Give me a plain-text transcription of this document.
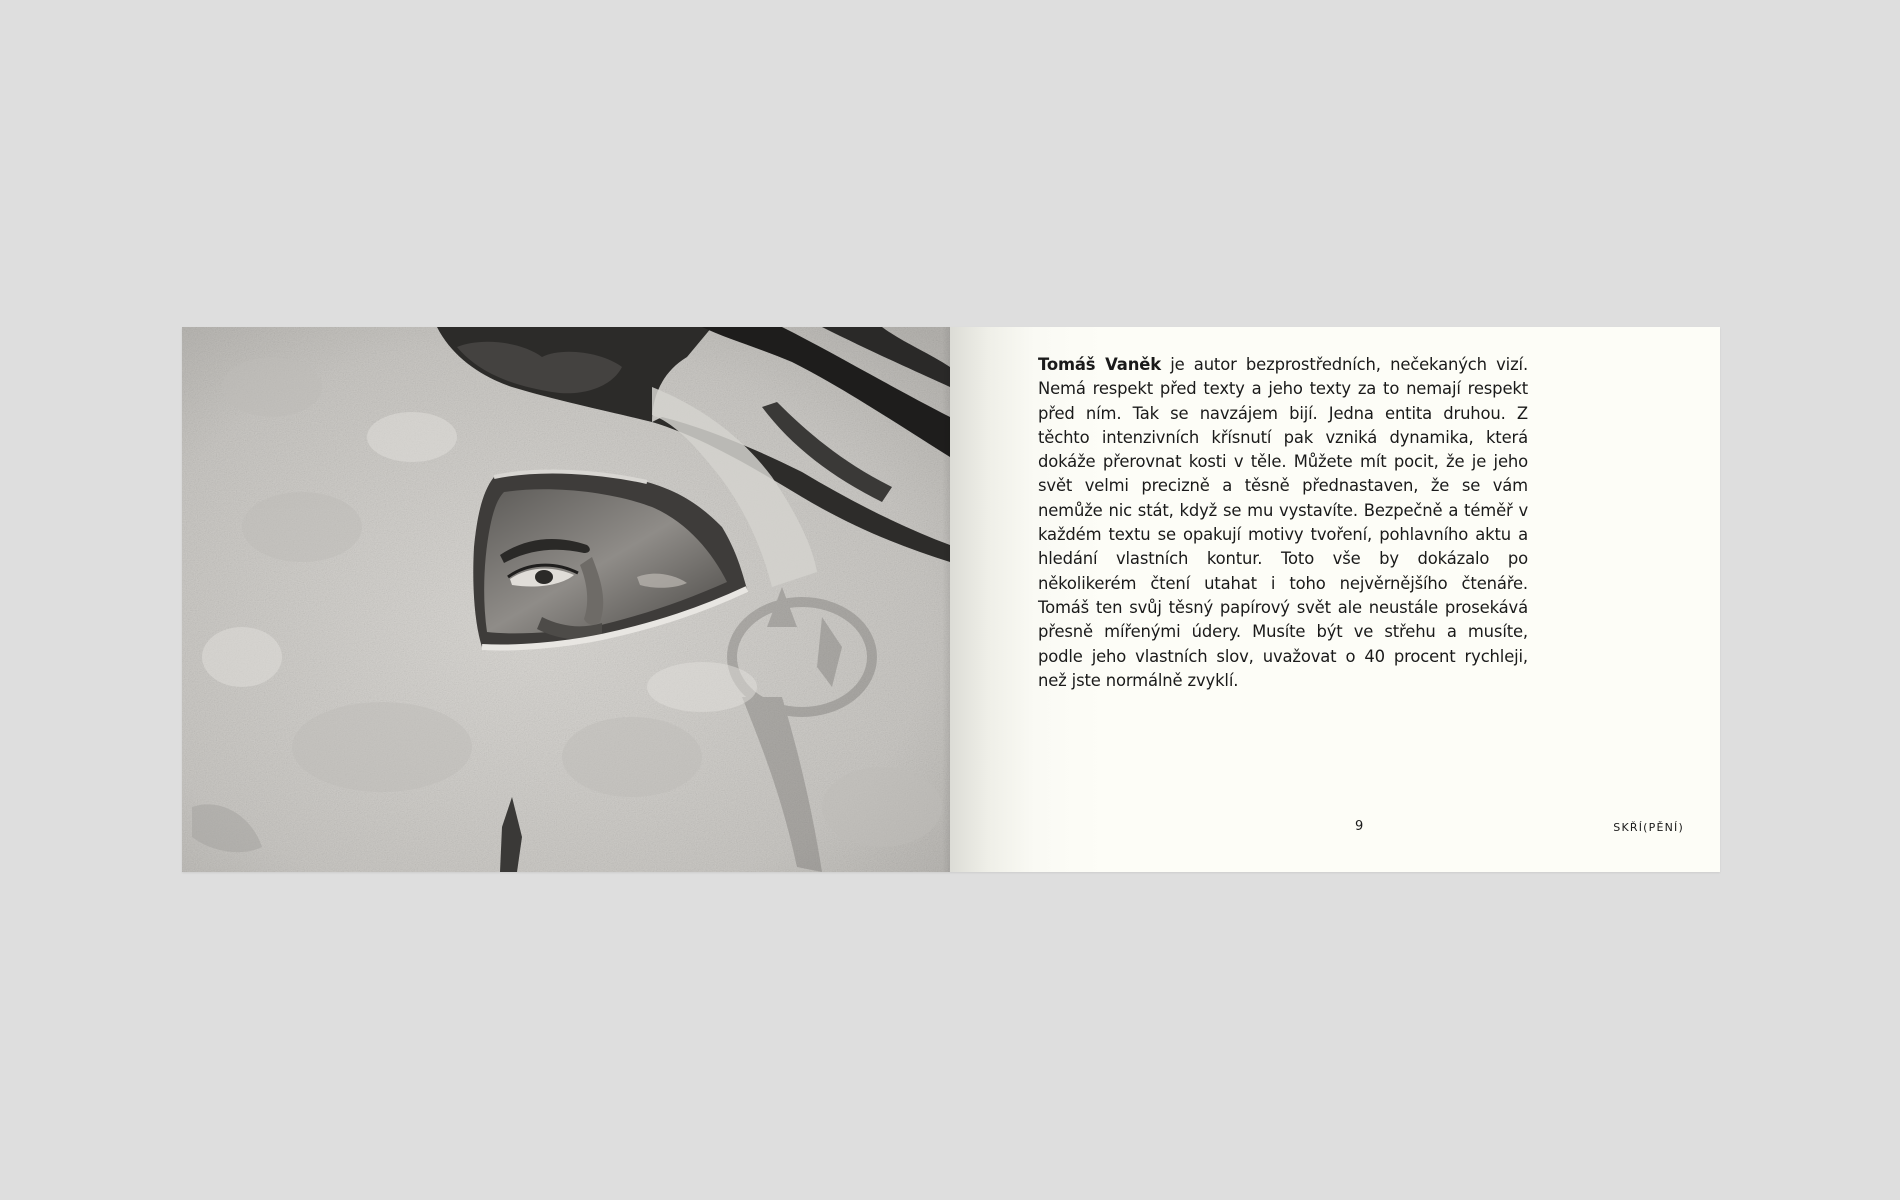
Tomáš Vaněk je autor bezprostředních, nečekaných vizí. Nemá respekt před texty a jeho texty za to nemají respekt před ním. Tak se navzájem bijí. Jedna entita druhou. Z těchto intenzivních křísnutí pak vzniká dynamika, která dokáže přerovnat kosti v těle. Můžete mít pocit, že je jeho svět velmi precizně a těsně přednastaven, že se vám nemůže nic stát, když se mu vystavíte. Bezpečně a téměř v každém textu se opakují motivy tvoření, pohlavního aktu a hledání vlastních kontur. Toto vše by dokázalo po několikerém čtení utahat i toho nejvěrnějšího čtenáře. Tomáš ten svůj těsný papírový svět ale neustále prosekává přesně mířenými údery. Musíte být ve střehu a musíte, podle jeho vlastních slov, uvažovat o 40 procent rychleji, než jste normálně zvyklí.

9	SKŘÍ(PĚNÍ)
